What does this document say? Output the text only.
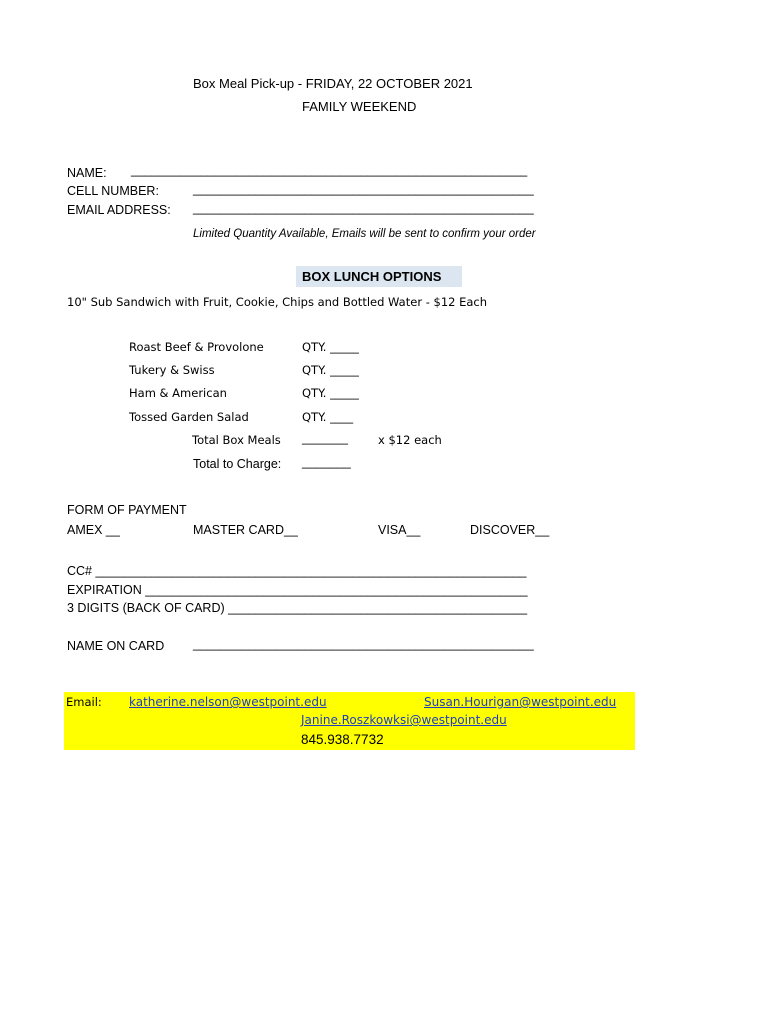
Box Meal Pick-up - FRIDAY, 22 OCTOBER 2021
FAMILY WEEKEND
NAME: _________________________________________________________
CELL NUMBER:	_________________________________________________
EMAIL ADDRESS: _________________________________________________
Limited Quantity Available, Emails will be sent to confirm your order
BOX LUNCH OPTIONS
10" Sub Sandwich with Fruit, Cookie, Chips and Bottled Water - $12 Each
Roast Beef & Provolone	QTY. _____
Tukery & Swiss	QTY. _____
Ham & American	QTY. _____
Tossed Garden Salad	QTY. ____
Total Box Meals ________	x $12 each
Total to Charge: _______
FORM OF PAYMENT
AMEX __	MASTER CARD__	VISA__	DISCOVER__
CC# ______________________________________________________________
EXPIRATION _______________________________________________________
3 DIGITS (BACK OF CARD) ___________________________________________
NAME ON CARD _________________________________________________
Email: katherine.nelson@westpoint.edu	Susan.Hourigan@westpoint.edu
Janine.Roszkowksi@westpoint.edu
845.938.7732
